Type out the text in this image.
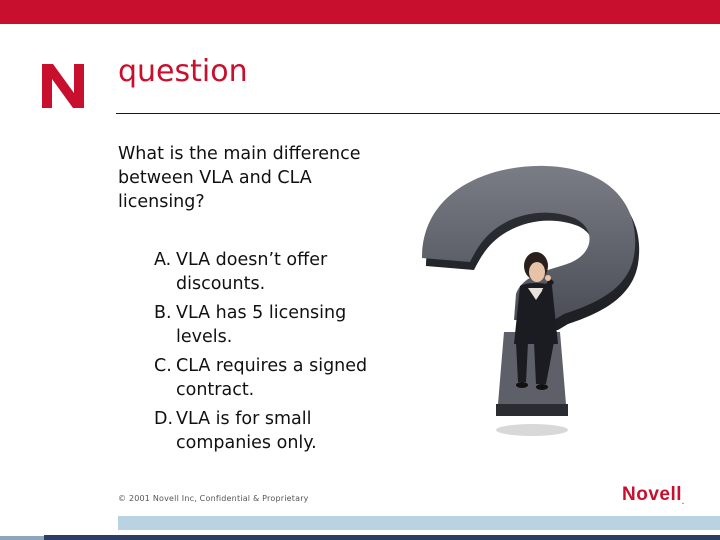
question
What is the main difference between VLA and CLA licensing?
A. VLA doesn’t offer discounts.
B. VLA has 5 licensing levels.
C. CLA requires a signed contract.
D. VLA is for small companies only.
© 2001 Novell Inc, Confidential & Proprietary	Novell.
